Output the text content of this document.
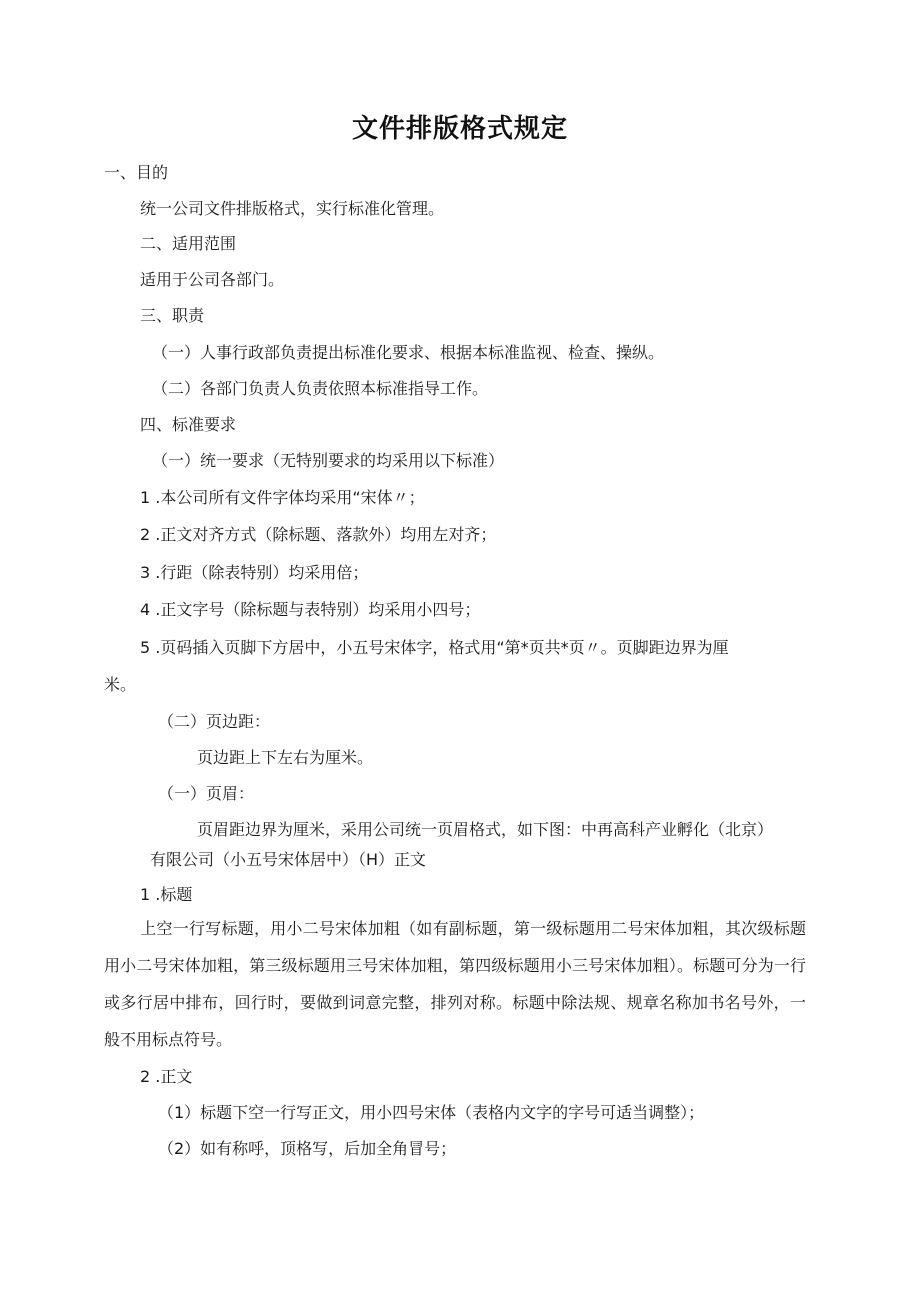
文件排版格式规定
一、目的
统一公司文件排版格式，实行标准化管理。
二、适用范围
适用于公司各部门。
三、职责
（一）人事行政部负责提出标准化要求、根据本标准监视、检查、操纵。
（二）各部门负责人负责依照本标准指导工作。
四、标准要求
（一）统一要求（无特别要求的均采用以下标准）
1 .本公司所有文件字体均采用“宋体〃；
2 .正文对齐方式（除标题、落款外）均用左对齐；
3 .行距（除表特别）均采用倍；
4 .正文字号（除标题与表特别）均采用小四号；
5 .页码插入页脚下方居中，小五号宋体字，格式用“第*页共*页〃。页脚距边界为厘
米。
（二）页边距：
页边距上下左右为厘米。
（一）页眉：
页眉距边界为厘米，采用公司统一页眉格式，如下图：中再高科产业孵化（北京）
有限公司（小五号宋体居中）（H）正文
1 .标题
上空一行写标题，用小二号宋体加粗（如有副标题，第一级标题用二号宋体加粗，其次级标题用小二号宋体加粗，第三级标题用三号宋体加粗，第四级标题用小三号宋体加粗）。标题可分为一行或多行居中排布，回行时，要做到词意完整，排列对称。标题中除法规、规章名称加书名号外，一般不用标点符号。
2 .正文
（1）标题下空一行写正文，用小四号宋体（表格内文字的字号可适当调整）；
（2）如有称呼，顶格写，后加全角冒号；
